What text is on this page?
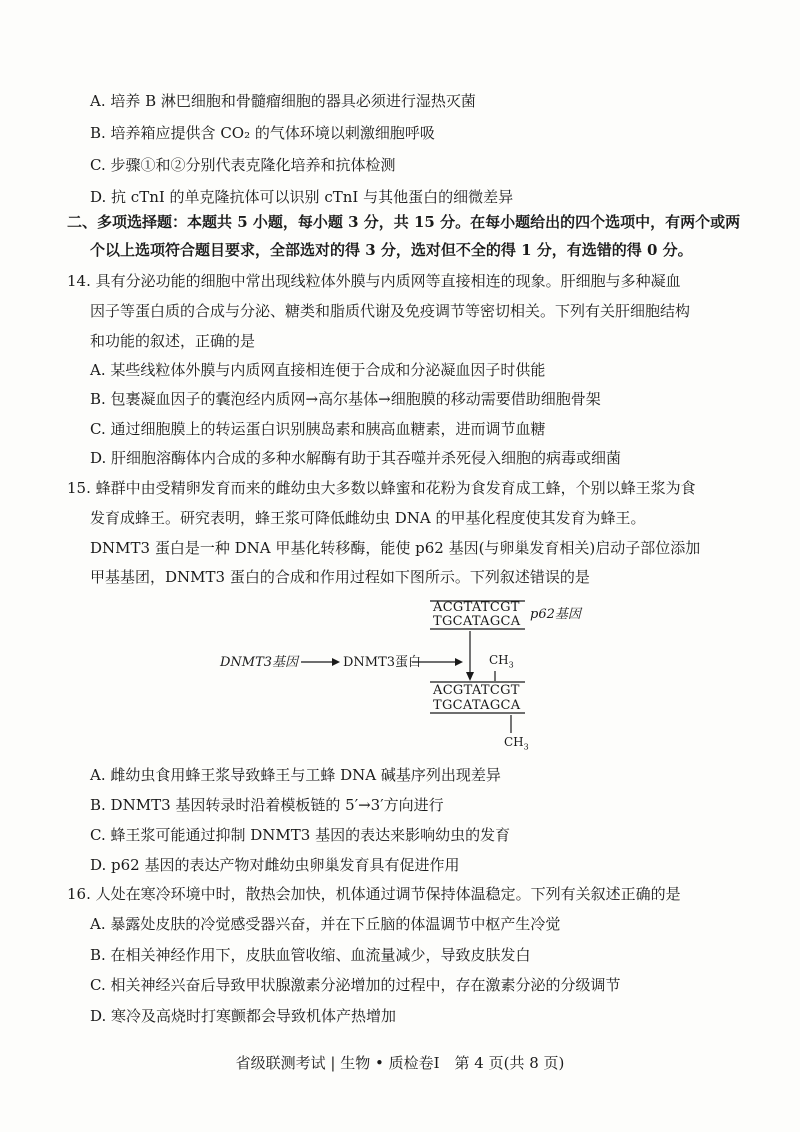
A. 培养 B 淋巴细胞和骨髓瘤细胞的器具必须进行湿热灭菌
B. 培养箱应提供含 CO₂ 的气体环境以刺激细胞呼吸
C. 步骤①和②分别代表克隆化培养和抗体检测
D. 抗 cTnI 的单克隆抗体可以识别 cTnI 与其他蛋白的细微差异
二、多项选择题：本题共 5 小题，每小题 3 分，共 15 分。在每小题给出的四个选项中，有两个或两
个以上选项符合题目要求，全部选对的得 3 分，选对但不全的得 1 分，有选错的得 0 分。
14. 具有分泌功能的细胞中常出现线粒体外膜与内质网等直接相连的现象。肝细胞与多种凝血
因子等蛋白质的合成与分泌、糖类和脂质代谢及免疫调节等密切相关。下列有关肝细胞结构
和功能的叙述，正确的是
A. 某些线粒体外膜与内质网直接相连便于合成和分泌凝血因子时供能
B. 包裹凝血因子的囊泡经内质网→高尔基体→细胞膜的移动需要借助细胞骨架
C. 通过细胞膜上的转运蛋白识别胰岛素和胰高血糖素，进而调节血糖
D. 肝细胞溶酶体内合成的多种水解酶有助于其吞噬并杀死侵入细胞的病毒或细菌
15. 蜂群中由受精卵发育而来的雌幼虫大多数以蜂蜜和花粉为食发育成工蜂，个别以蜂王浆为食
发育成蜂王。研究表明，蜂王浆可降低雌幼虫 DNA 的甲基化程度使其发育为蜂王。
DNMT3 蛋白是一种 DNA 甲基化转移酶，能使 p62 基因(与卵巢发育相关)启动子部位添加
甲基基团，DNMT3 蛋白的合成和作用过程如下图所示。下列叙述错误的是
ACGTATCGT
TGCATAGCA p62基因
DNMT3基因	DNMT3蛋白	$CH_3$
ACGTATCGT
TGCATAGCA
$CH_3$
A. 雌幼虫食用蜂王浆导致蜂王与工蜂 DNA 碱基序列出现差异
B. DNMT3 基因转录时沿着模板链的 5′→3′方向进行
C. 蜂王浆可能通过抑制 DNMT3 基因的表达来影响幼虫的发育
D. p62 基因的表达产物对雌幼虫卵巢发育具有促进作用
16. 人处在寒冷环境中时，散热会加快，机体通过调节保持体温稳定。下列有关叙述正确的是
A. 暴露处皮肤的冷觉感受器兴奋，并在下丘脑的体温调节中枢产生冷觉
B. 在相关神经作用下，皮肤血管收缩、血流量减少，导致皮肤发白
C. 相关神经兴奋后导致甲状腺激素分泌增加的过程中，存在激素分泌的分级调节
D. 寒冷及高烧时打寒颤都会导致机体产热增加
省级联测考试 | 生物 • 质检卷Ⅰ　第 4 页(共 8 页)
